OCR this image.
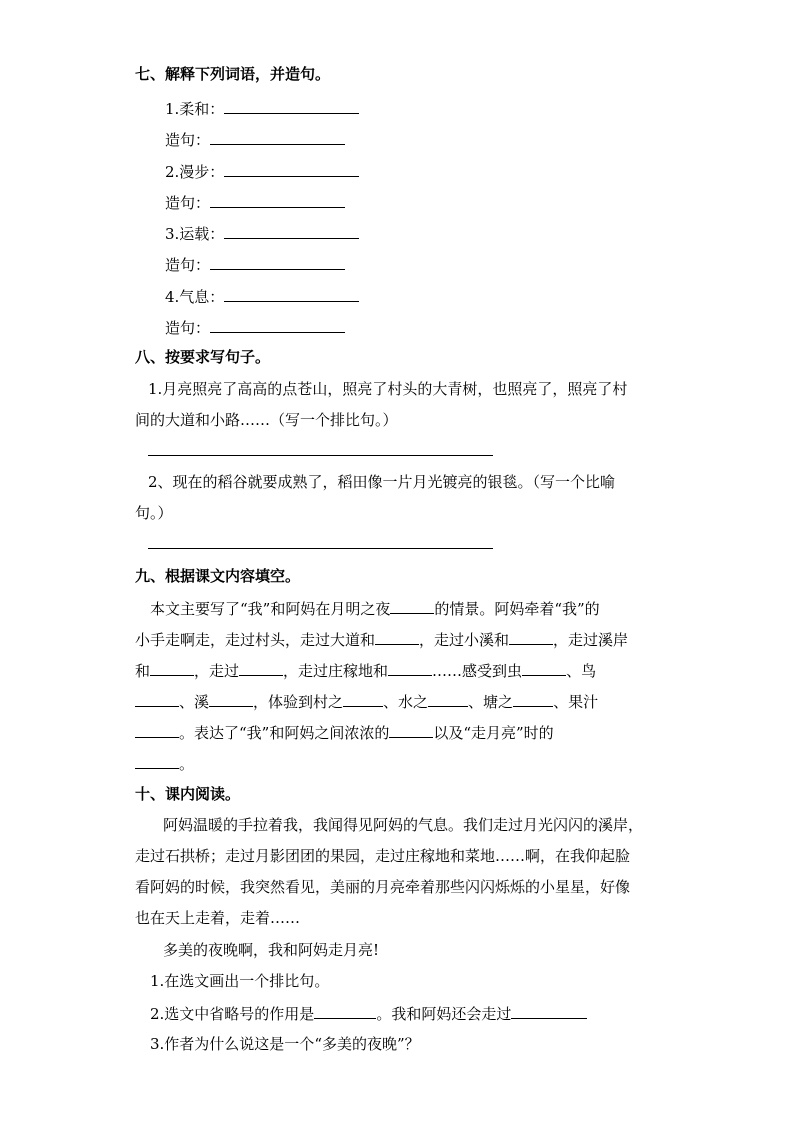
七、解释下列词语，并造句。
1.柔和：
造句：
2.漫步：
造句：
3.运载：
造句：
4.气息：
造句：
八、按要求写句子。
1.月亮照亮了高高的点苍山，照亮了村头的大青树，也照亮了，照亮了村
间的大道和小路……（写一个排比句。）
2、现在的稻谷就要成熟了，稻田像一片月光镀亮的银毯。（写一个比喻
句。）
九、根据课文内容填空。
本文主要写了“我”和阿妈在月明之夜	的情景。阿妈牵着“我”的
小手走啊走，走过村头，走过大道和	，走过小溪和	，走过溪岸
和	，走过	，走过庄稼地和	……感受到虫	、鸟
、溪	，体验到村之	、水之	、塘之	、果汁
。表达了“我”和阿妈之间浓浓的	以及“走月亮”时的
。
十、课内阅读。
阿妈温暖的手拉着我，我闻得见阿妈的气息。我们走过月光闪闪的溪岸，
走过石拱桥；走过月影团团的果园，走过庄稼地和菜地……啊，在我仰起脸
看阿妈的时候，我突然看见，美丽的月亮牵着那些闪闪烁烁的小星星，好像
也在天上走着，走着……
多美的夜晚啊，我和阿妈走月亮!
1.在选文画出一个排比句。
2.选文中省略号的作用是	。我和阿妈还会走过
3.作者为什么说这是一个“多美的夜晚”？
